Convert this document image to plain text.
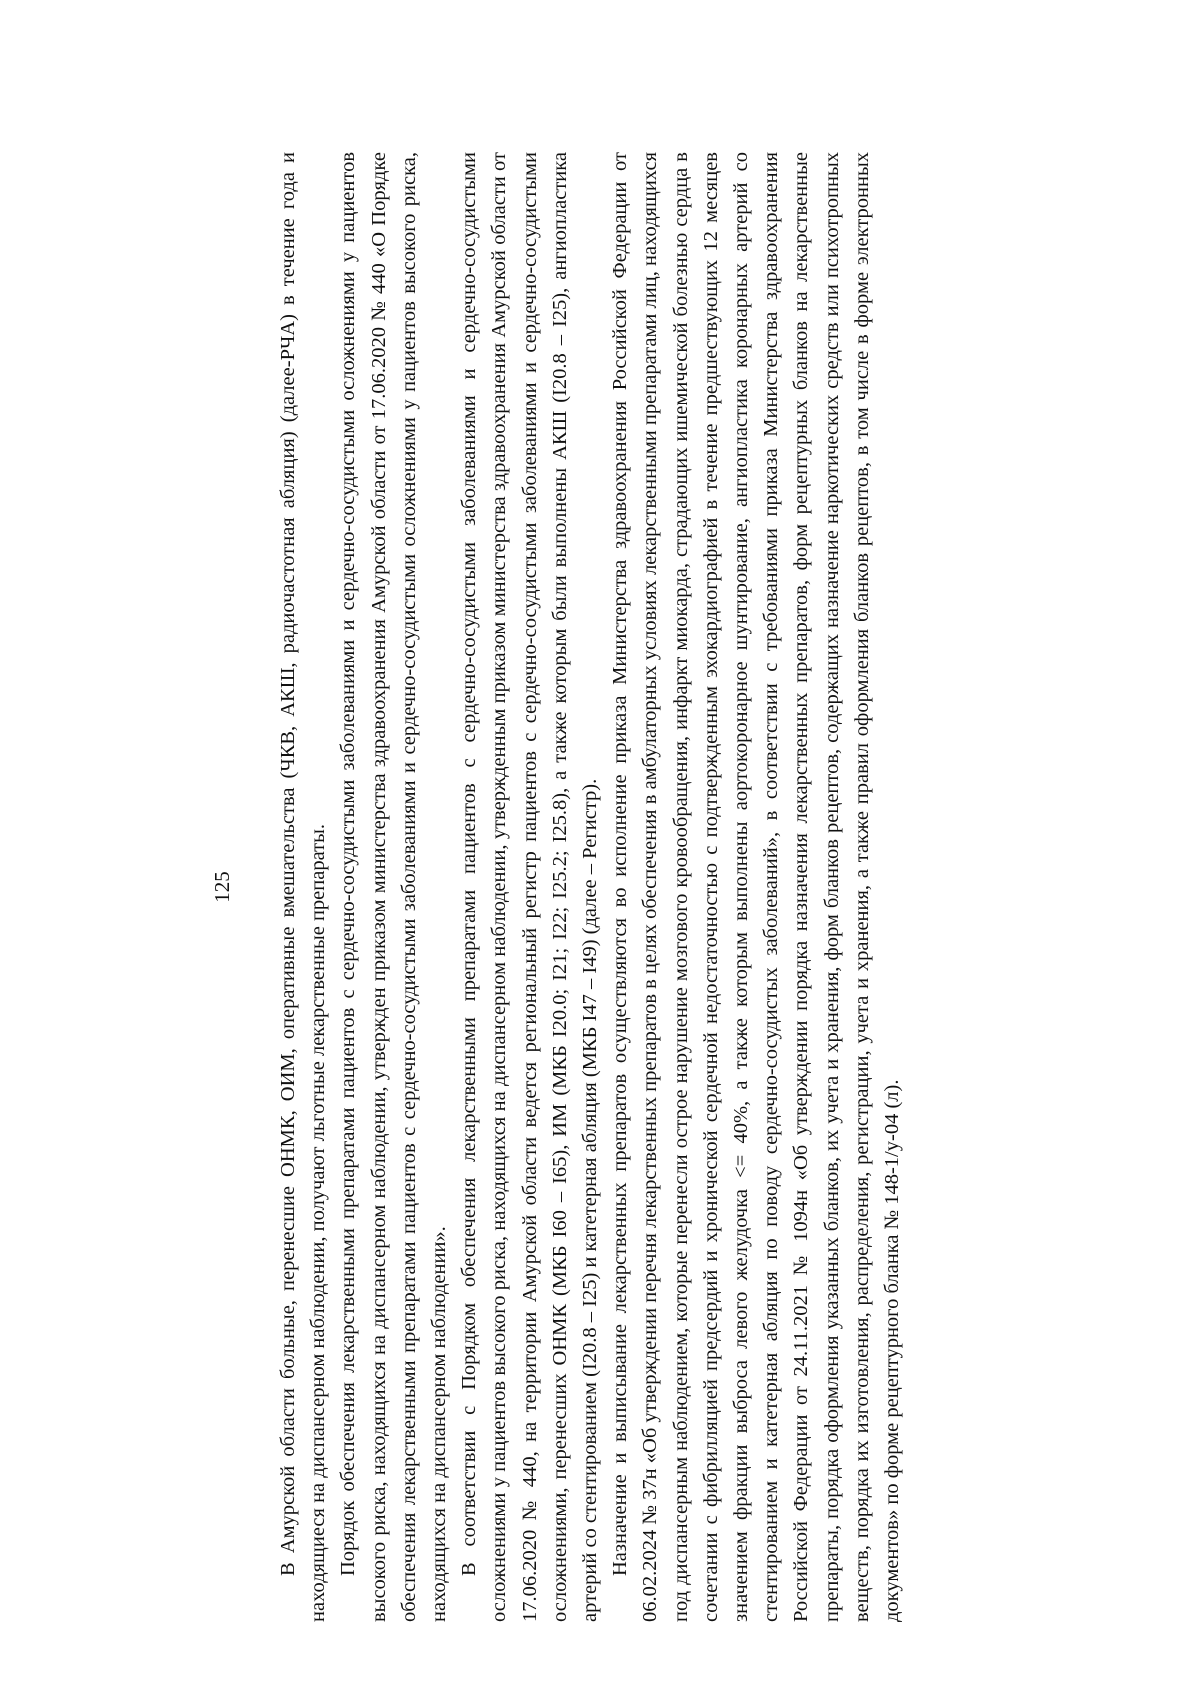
125 В Амурской области больные, перенесшие ОНМК, ОИМ, оперативные вмешательства (ЧКВ, АКШ, радиочастотная абляция) (далее-РЧА) в течение года и находящиеся на диспансерном наблюдении, получают льготные лекарственные препараты. Порядок обеспечения лекарственными препаратами пациентов с сердечно-сосудистыми заболеваниями и сердечно-сосудистыми осложнениями у пациентов высокого риска, находящихся на диспансерном наблюдении, утвержден приказом министерства здравоохранения Амурской области от 17.06.2020 № 440 «О Порядке обеспечения лекарственными препаратами пациентов с сердечно-сосудистыми заболеваниями и сердечно-сосудистыми осложнениями у пациентов высокого риска, находящихся на диспансерном наблюдении». В соответствии с Порядком обеспечения лекарственными препаратами пациентов с сердечно-сосудистыми заболеваниями и сердечно-сосудистыми осложнениями у пациентов высокого риска, находящихся на диспансерном наблюдении, утвержденным приказом министерства здравоохранения Амурской области от 17.06.2020 № 440, на территории Амурской области ведется региональный регистр пациентов с сердечно-сосудистыми заболеваниями и сердечно-сосудистыми осложнениями, перенесших ОНМК (МКБ I60 – I65), ИМ (МКБ I20.0; I21; I22; I25.2; I25.8), а также которым были выполнены АКШ (I20.8 – I25), ангиопластика артерий со стентированием (I20.8 – I25) и катетерная абляция (МКБ I47 – I49) (далее – Регистр). Назначение и выписывание лекарственных препаратов осуществляются во исполнение приказа Министерства здравоохранения Российской Федерации от 06.02.2024 № 37н «Об утверждении перечня лекарственных препаратов в целях обеспечения в амбулаторных условиях лекарственными препаратами лиц, находящихся под диспансерным наблюдением, которые перенесли острое нарушение мозгового кровообращения, инфаркт миокарда, страдающих ишемической болезнью сердца в сочетании с фибрилляцией предсердий и хронической сердечной недостаточностью с подтвержденным эхокардиографией в течение предшествующих 12 месяцев значением фракции выброса левого желудочка <= 40%, а также которым выполнены аортокоронарное шунтирование, ангиопластика коронарных артерий со стентированием и катетерная абляция по поводу сердечно-сосудистых заболеваний», в соответствии с требованиями приказа Министерства здравоохранения Российской Федерации от 24.11.2021 № 1094н «Об утверждении порядка назначения лекарственных препаратов, форм рецептурных бланков на лекарственные препараты, порядка оформления указанных бланков, их учета и хранения, форм бланков рецептов, содержащих назначение наркотических средств или психотропных веществ, порядка их изготовления, распределения, регистрации, учета и хранения, а также правил оформления бланков рецептов, в том числе в форме электронных документов» по форме рецептурного бланка № 148-1/у-04 (л).
